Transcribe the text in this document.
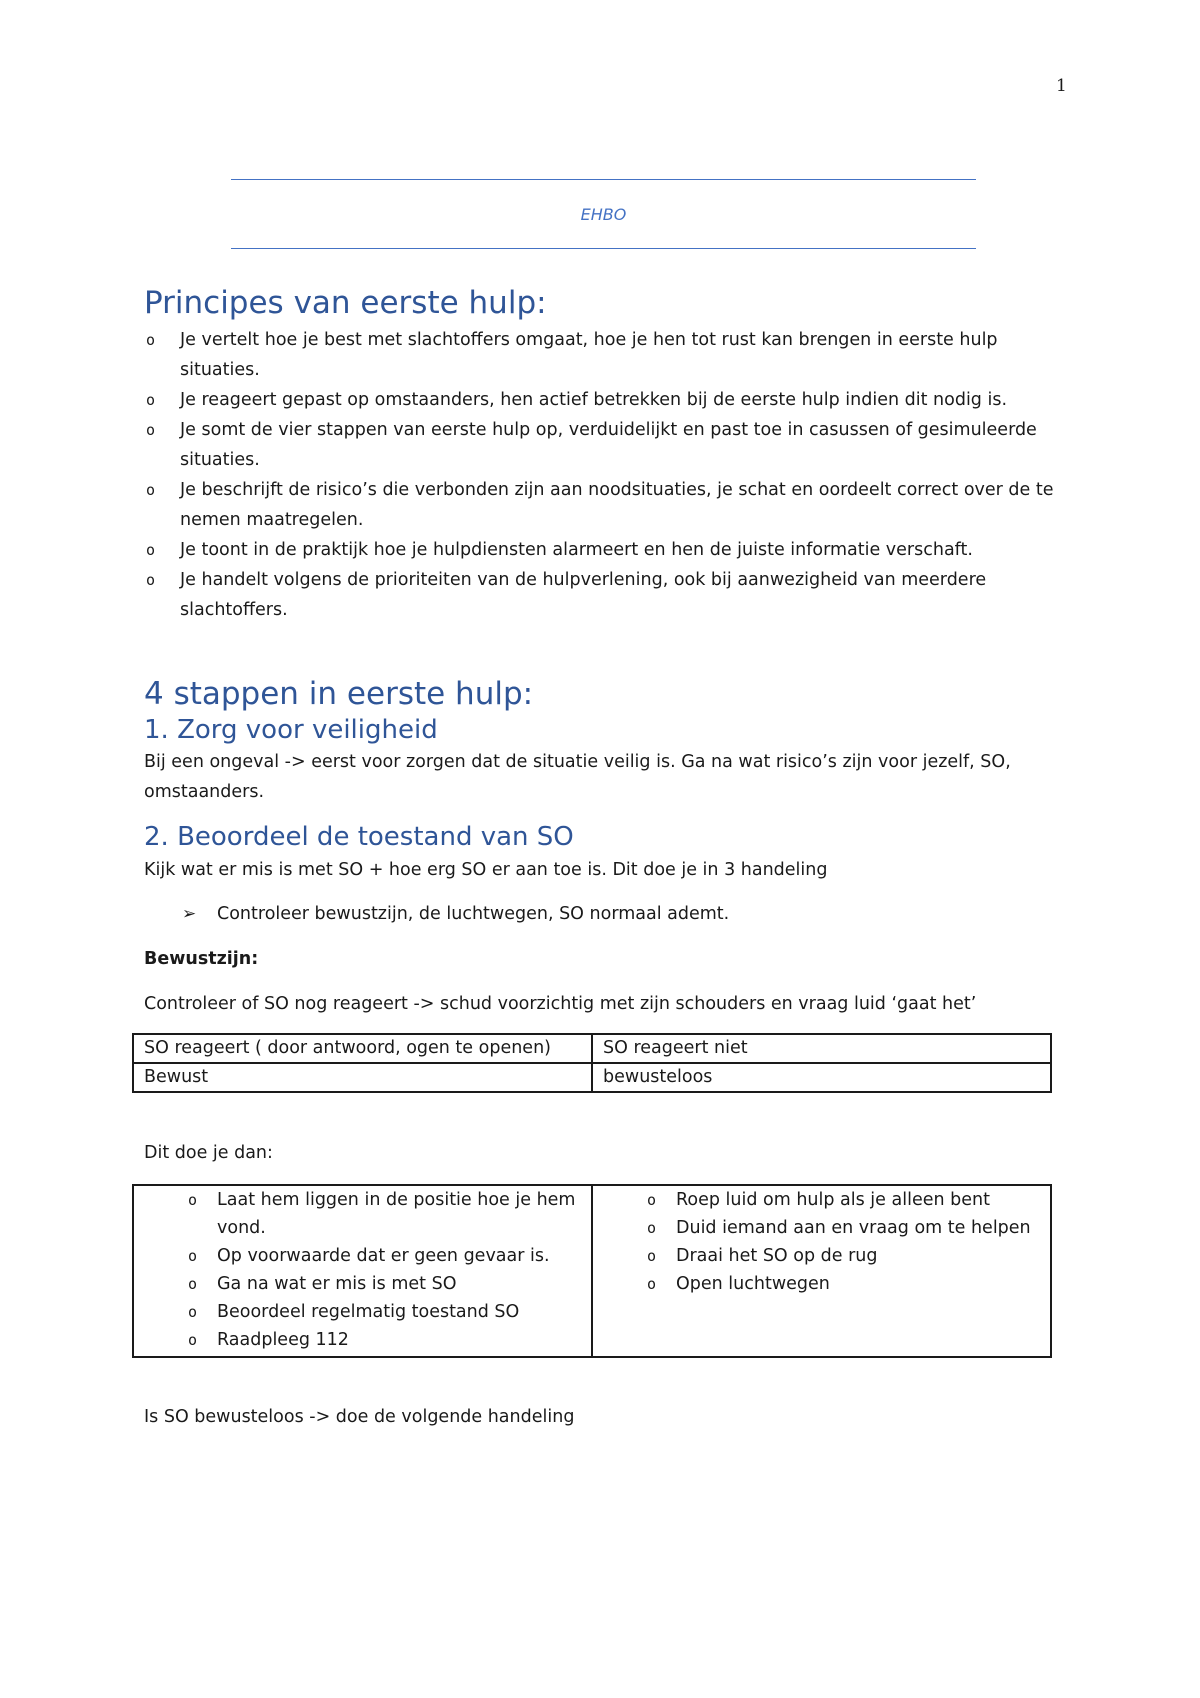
1
EHBO
Principes van eerste hulp:
o Je vertelt hoe je best met slachtoffers omgaat, hoe je hen tot rust kan brengen in eerste hulp situaties.
o Je reageert gepast op omstaanders, hen actief betrekken bij de eerste hulp indien dit nodig is.
o Je somt de vier stappen van eerste hulp op, verduidelijkt en past toe in casussen of gesimuleerde situaties.
o Je beschrijft de risico’s die verbonden zijn aan noodsituaties, je schat en oordeelt correct over de te nemen maatregelen.
o Je toont in de praktijk hoe je hulpdiensten alarmeert en hen de juiste informatie verschaft.
o Je handelt volgens de prioriteiten van de hulpverlening, ook bij aanwezigheid van meerdere slachtoffers.
4 stappen in eerste hulp:
1. Zorg voor veiligheid

Bij een ongeval -> eerst voor zorgen dat de situatie veilig is. Ga na wat risico’s zijn voor jezelf, SO, omstaanders.

2. Beoordeel de toestand van SO

Kijk wat er mis is met SO + hoe erg SO er aan toe is. Dit doe je in 3 handeling

➢ Controleer bewustzijn, de luchtwegen, SO normaal ademt.

Bewustzijn:

Controleer of SO nog reageert -> schud voorzichtig met zijn schouders en vraag luid ‘gaat het’

SO reageert ( door antwoord, ogen te openen)	SO reageert niet
Bewust	bewusteloos

Dit doe je dan:

o Laat hem liggen in de positie hoe je hem vond.
o Op voorwaarde dat er geen gevaar is.
o Ga na wat er mis is met SO
o Beoordeel regelmatig toestand SO
o Raadpleeg 112

o Roep luid om hulp als je alleen bent
o Duid iemand aan en vraag om te helpen
o Draai het SO op de rug
o Open luchtwegen

Is SO bewusteloos -> doe de volgende handeling
